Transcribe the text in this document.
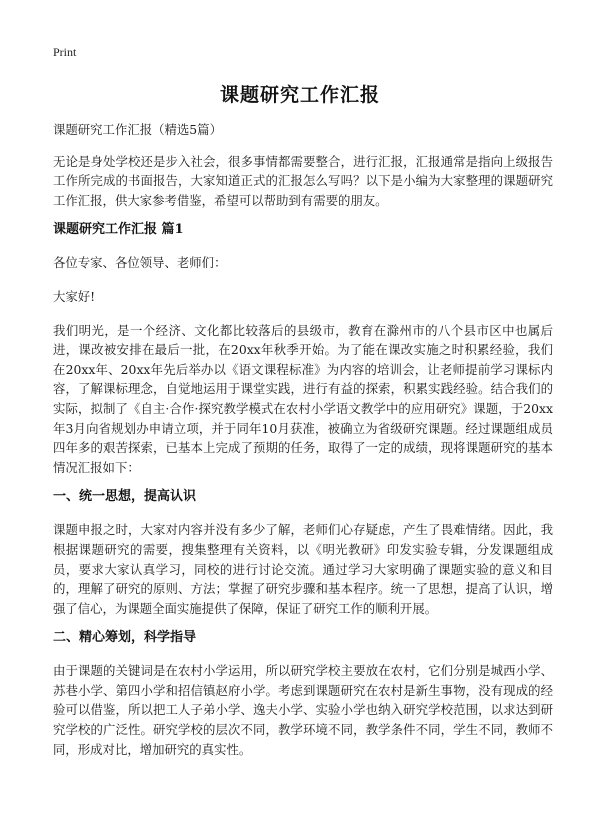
Print
课题研究工作汇报

课题研究工作汇报（精选5篇）

无论是身处学校还是步入社会，很多事情都需要整合，进行汇报，汇报通常是指向上级报告工作所完成的书面报告，大家知道正式的汇报怎么写吗？以下是小编为大家整理的课题研究工作汇报，供大家参考借鉴，希望可以帮助到有需要的朋友。

课题研究工作汇报 篇1

各位专家、各位领导、老师们：

大家好!

我们明光，是一个经济、文化都比较落后的县级市，教育在滁州市的八个县市区中也属后进，课改被安排在最后一批，在20xx年秋季开始。为了能在课改实施之时积累经验，我们在20xx年、20xx年先后举办以《语文课程标准》为内容的培训会，让老师提前学习课标内容，了解课标理念，自觉地运用于课堂实践，进行有益的探索，积累实践经验。结合我们的实际，拟制了《自主·合作·探究教学模式在农村小学语文教学中的应用研究》课题，于20xx年3月向省规划办申请立项，并于同年10月获准，被确立为省级研究课题。经过课题组成员四年多的艰苦探索，已基本上完成了预期的任务，取得了一定的成绩，现将课题研究的基本情况汇报如下：

一、统一思想，提高认识

课题申报之时，大家对内容并没有多少了解，老师们心存疑虑，产生了畏难情绪。因此，我根据课题研究的需要，搜集整理有关资料，以《明光教研》印发实验专辑，分发课题组成员，要求大家认真学习，同校的进行讨论交流。通过学习大家明确了课题实验的意义和目的，理解了研究的原则、方法；掌握了研究步骤和基本程序。统一了思想，提高了认识，增强了信心，为课题全面实施提供了保障，保证了研究工作的顺利开展。

二、精心筹划，科学指导

由于课题的关键词是在农村小学运用，所以研究学校主要放在农村，它们分别是城西小学、苏巷小学、第四小学和招信镇赵府小学。考虑到课题研究在农村是新生事物，没有现成的经验可以借鉴，所以把工人子弟小学、逸夫小学、实验小学也纳入研究学校范围，以求达到研究学校的广泛性。研究学校的层次不同，教学环境不同，教学条件不同，学生不同，教师不同，形成对比，增加研究的真实性。
